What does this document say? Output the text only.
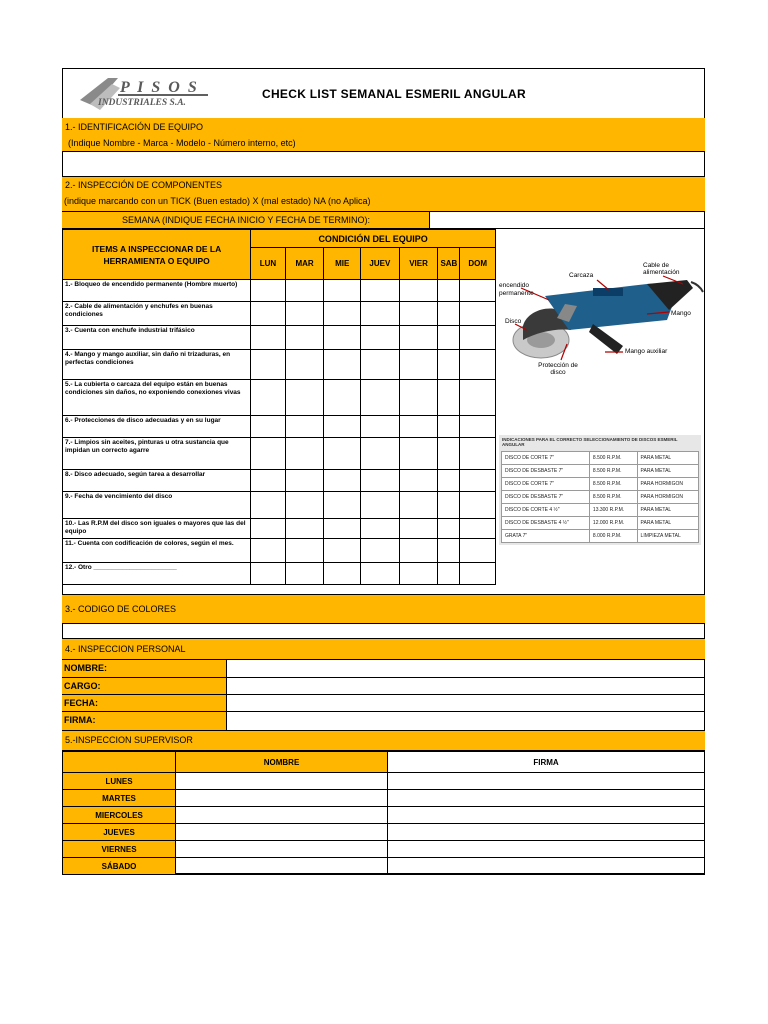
P I S O S
INDUSTRIALES S.A.
CHECK LIST SEMANAL ESMERIL ANGULAR
1.- IDENTIFICACIÓN DE EQUIPO
(Indique Nombre - Marca - Modelo - Número interno, etc)
2.- INSPECCIÓN DE COMPONENTES
(indique marcando con un TICK (Buen estado) X (mal estado) NA (no Aplica)
SEMANA (INDIQUE FECHA INICIO Y FECHA DE TERMINO):
ITEMS A INSPECCIONAR DE LA HERRAMIENTA O EQUIPO	CONDICIÓN DEL EQUIPO						
	LUN	MAR	MIE	JUEV	VIER	SAB	DOM
1.- Bloqueo de encendido permanente (Hombre muerto)							
2.- Cable de alimentación y enchufes en buenas condiciones							
3.- Cuenta con enchufe industrial trifásico							
4.- Mango y mango auxiliar, sin daño ni trizaduras, en perfectas condiciones							
5.- La cubierta o carcaza del equipo están en buenas condiciones sin daños, no exponiendo conexiones vivas							
6.- Protecciones de disco adecuadas y en su lugar							
7.- Limpios sin aceites, pinturas u otra sustancia que impidan un correcto agarre							
8.- Disco adecuado, según tarea a desarrollar							
9.- Fecha de vencimiento del disco							
10.- Las R.P.M del disco son iguales o mayores que las del equipo							
11.- Cuenta con codificación de colores, según el mes.							
12.- Otro _______________________							
encendido permanente
Carcaza
Cable de alimentación
Mango
Disco
Mango auxiliar
Protección de disco
INDICACIONES PARA EL CORRECTO SELECCIONAMIENTO DE DISCOS ESMERIL ANGULAR
DISCO DE CORTE 7"	8.500 R.P.M.	PARA METAL
DISCO DE DESBASTE 7"	8.500 R.P.M.	PARA METAL
DISCO DE CORTE 7"	8.500 R.P.M.	PARA HORMIGON
DISCO DE DESBASTE 7"	8.500 R.P.M.	PARA HORMIGON
DISCO DE CORTE 4 ½"	13.300 R.P.M.	PARA METAL
DISCO DE DESBASTE 4 ½"	12.000 R.P.M.	PARA METAL
GRATA 7"	8.000 R.P.M.	LIMPIEZA METAL
3.- CODIGO DE COLORES
4.- INSPECCION PERSONAL
NOMBRE:
CARGO:
FECHA:
FIRMA:
5.-INSPECCION SUPERVISOR
	NOMBRE	FIRMA
LUNES		
MARTES		
MIERCOLES		
JUEVES		
VIERNES		
SÁBADO		
